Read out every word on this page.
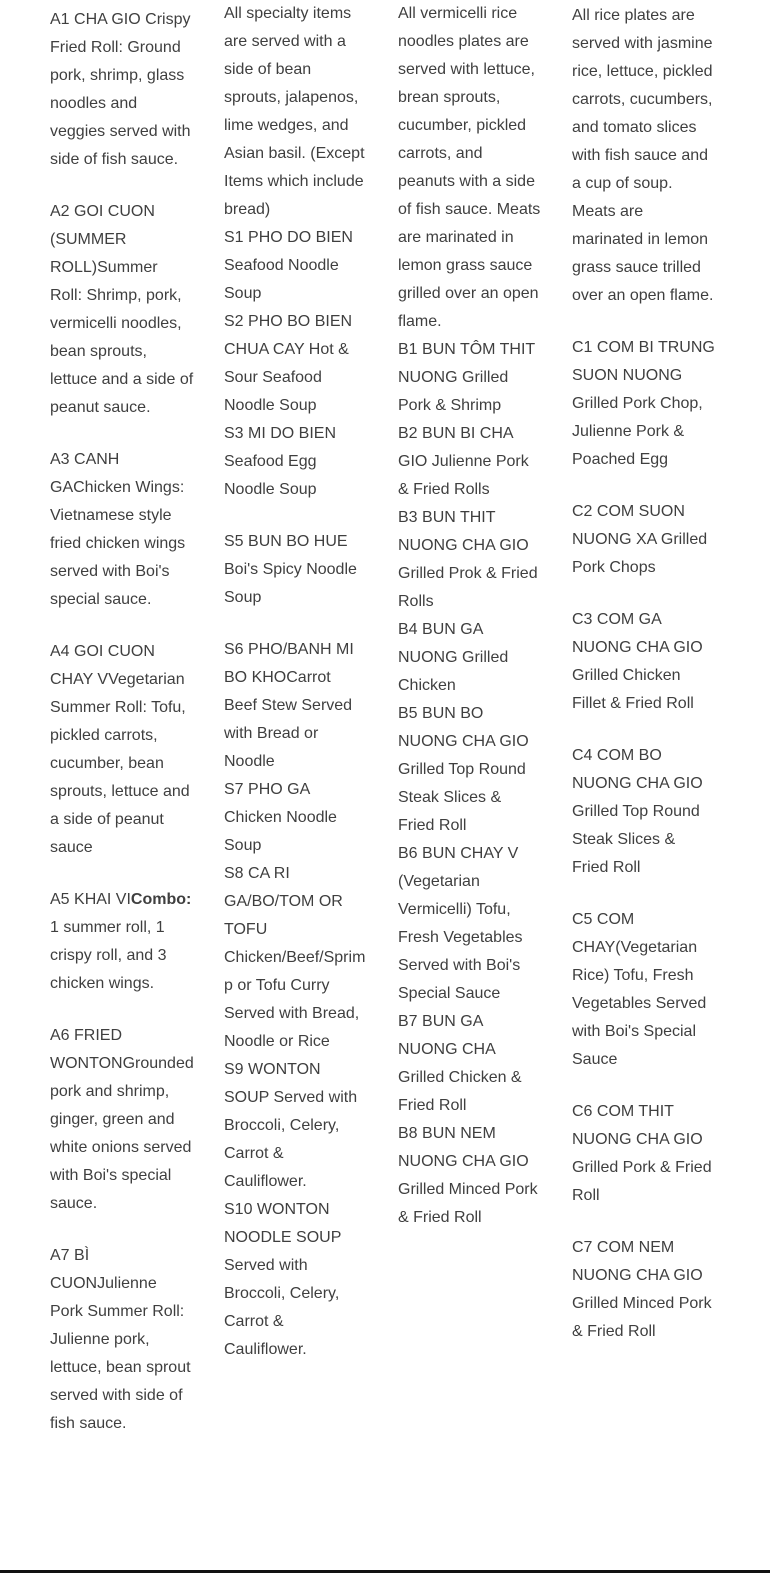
A1 CHA GIO Crispy Fried Roll: Ground pork, shrimp, glass noodles and veggies served with side of fish sauce.

A2 GOI CUON (SUMMER ROLL)Summer Roll: Shrimp, pork, vermicelli noodles, bean sprouts, lettuce and a side of peanut sauce.

A3 CANH GAChicken Wings: Vietnamese style fried chicken wings served with Boi's special sauce.

A4 GOI CUON CHAY VVegetarian Summer Roll: Tofu, pickled carrots, cucumber, bean sprouts, lettuce and a side of peanut sauce

A5 KHAI VICombo: 1 summer roll, 1 crispy roll, and 3 chicken wings.

A6 FRIED WONTONGrounded pork and shrimp, ginger, green and white onions served with Boi's special sauce.

A7 BÌ CUONJulienne Pork Summer Roll: Julienne pork, lettuce, bean sprout served with side of fish sauce.

All specialty items are served with a side of bean sprouts, jalapenos, lime wedges, and Asian basil. (Except Items which include bread)

S1 PHO DO BIEN Seafood Noodle Soup

S2 PHO BO BIEN CHUA CAY Hot & Sour Seafood Noodle Soup

S3 MI DO BIEN Seafood Egg Noodle Soup

S5 BUN BO HUE Boi's Spicy Noodle Soup

S6 PHO/BANH MI BO KHOCarrot Beef Stew Served with Bread or Noodle

S7 PHO GA Chicken Noodle Soup

S8 CA RI GA/BO/TOM OR TOFU Chicken/Beef/Sprimp or Tofu Curry Served with Bread, Noodle or Rice

S9 WONTON SOUP Served with Broccoli, Celery, Carrot & Cauliflower.

S10 WONTON NOODLE SOUP Served with Broccoli, Celery, Carrot & Cauliflower.

All vermicelli rice noodles plates are served with lettuce, brean sprouts, cucumber, pickled carrots, and peanuts with a side of fish sauce. Meats are marinated in lemon grass sauce grilled over an open flame.

B1 BUN TÔM THIT NUONG Grilled Pork & Shrimp

B2 BUN BI CHA GIO Julienne Pork & Fried Rolls

B3 BUN THIT NUONG CHA GIO Grilled Prok & Fried Rolls

B4 BUN GA NUONG Grilled Chicken

B5 BUN BO NUONG CHA GIO Grilled Top Round Steak Slices & Fried Roll

B6 BUN CHAY V (Vegetarian Vermicelli) Tofu, Fresh Vegetables Served with Boi's Special Sauce

B7 BUN GA NUONG CHA Grilled Chicken & Fried Roll

B8 BUN NEM NUONG CHA GIO Grilled Minced Pork & Fried Roll

All rice plates are served with jasmine rice, lettuce, pickled carrots, cucumbers, and tomato slices with fish sauce and a cup of soup. Meats are marinated in lemon grass sauce trilled over an open flame.

C1 COM BI TRUNG SUON NUONG Grilled Pork Chop, Julienne Pork & Poached Egg

C2 COM SUON NUONG XA Grilled Pork Chops

C3 COM GA NUONG CHA GIO Grilled Chicken Fillet & Fried Roll

C4 COM BO NUONG CHA GIO Grilled Top Round Steak Slices & Fried Roll

C5 COM CHAY(Vegetarian Rice) Tofu, Fresh Vegetables Served with Boi's Special Sauce

C6 COM THIT NUONG CHA GIO Grilled Pork & Fried Roll

C7 COM NEM NUONG CHA GIO Grilled Minced Pork & Fried Roll
